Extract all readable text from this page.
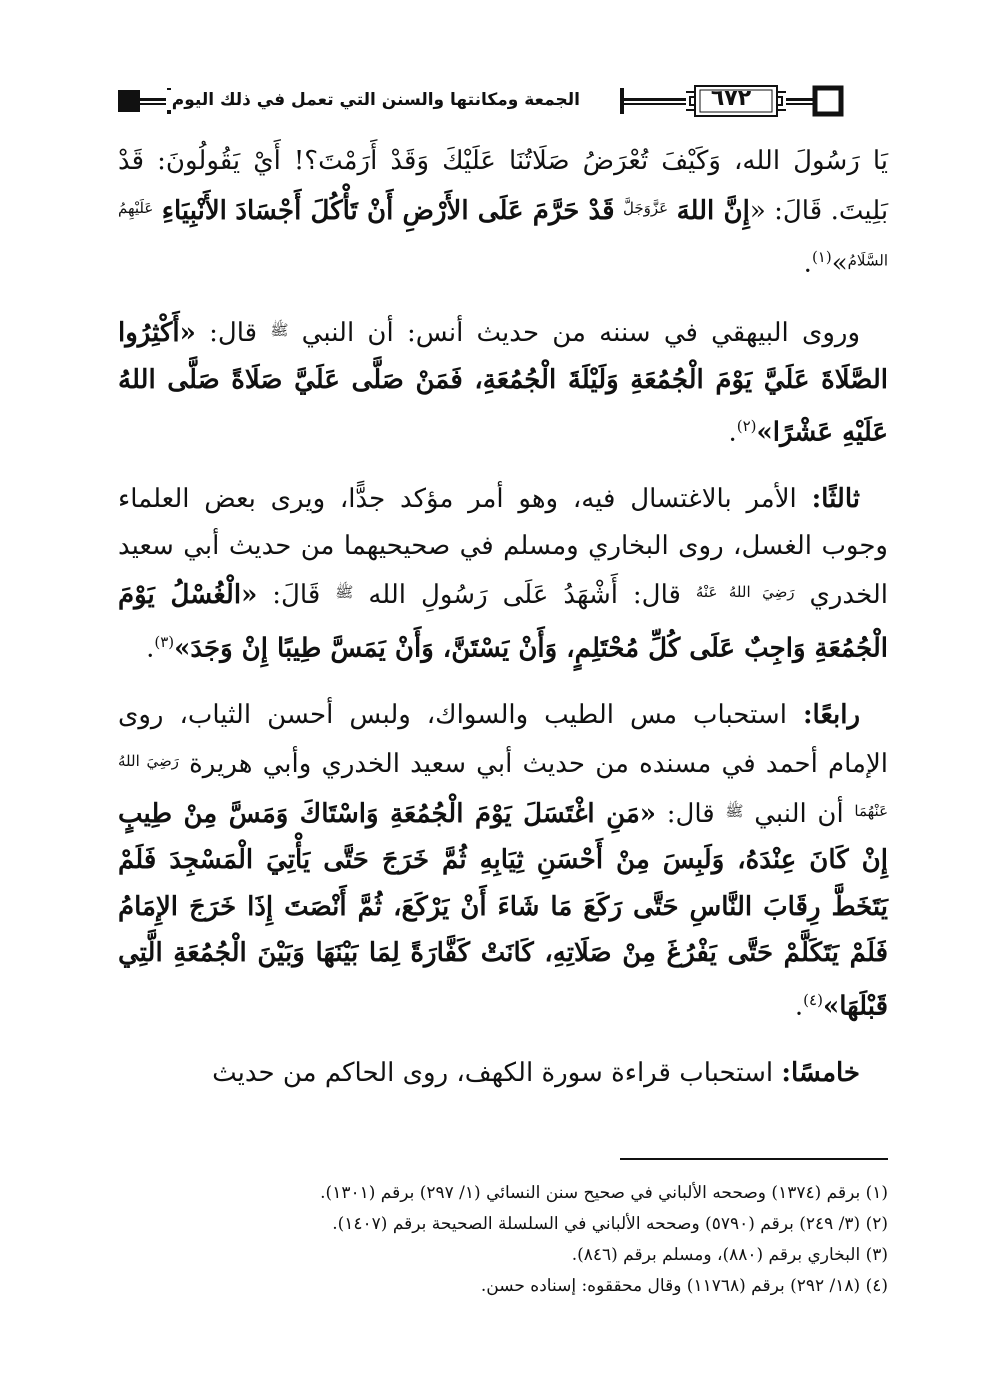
٦٧٢
الجمعة ومكانتها والسنن التي تعمل في ذلك اليوم

يَا رَسُولَ الله، وَكَيْفَ تُعْرَضُ صَلَاتُنَا عَلَيْكَ وَقَدْ أَرَمْتَ؟! أَيْ يَقُولُونَ: قَدْ بَلِيتَ. قَالَ: «إِنَّ اللهَ $^{عَزَّوَجَلَّ}$ قَدْ حَرَّمَ عَلَى الأَرْضِ أَنْ تَأْكُلَ أَجْسَادَ الأَنْبِيَاءِ $^{عَلَيْهِمُ السَّلَامُ}$»$^{(١)}$.

وروى البيهقي في سننه من حديث أنس: أن النبي $^ﷺ$ قال: «أَكْثِرُوا الصَّلَاةَ عَلَيَّ يَوْمَ الْجُمُعَةِ وَلَيْلَةَ الْجُمُعَةِ، فَمَنْ صَلَّى عَلَيَّ صَلَاةً صَلَّى اللهُ عَلَيْهِ عَشْرًا»$^{(٢)}$.

ثالثًا: الأمر بالاغتسال فيه، وهو أمر مؤكد جدًّا، ويرى بعض العلماء وجوب الغسل، روى البخاري ومسلم في صحيحيهما من حديث أبي سعيد الخدري $^{رَضِيَ اللهُ عَنْهُ}$ قال: أَشْهَدُ عَلَى رَسُولِ الله $^ﷺ$ قَالَ: «الْغُسْلُ يَوْمَ الْجُمُعَةِ وَاجِبٌ عَلَى كُلِّ مُحْتَلِمٍ، وَأَنْ يَسْتَنَّ، وَأَنْ يَمَسَّ طِيبًا إِنْ وَجَدَ»$^{(٣)}$.

رابعًا: استحباب مس الطيب والسواك، ولبس أحسن الثياب، روى الإمام أحمد في مسنده من حديث أبي سعيد الخدري وأبي هريرة $^{رَضِيَ اللهُ عَنْهُمَا}$ أن النبي $^ﷺ$ قال: «مَنِ اغْتَسَلَ يَوْمَ الْجُمُعَةِ وَاسْتَاكَ وَمَسَّ مِنْ طِيبٍ إِنْ كَانَ عِنْدَهُ، وَلَبِسَ مِنْ أَحْسَنِ ثِيَابِهِ ثُمَّ خَرَجَ حَتَّى يَأْتِيَ الْمَسْجِدَ فَلَمْ يَتَخَطَّ رِقَابَ النَّاسِ حَتَّى رَكَعَ مَا شَاءَ أَنْ يَرْكَعَ، ثُمَّ أَنْصَتَ إِذَا خَرَجَ الإِمَامُ فَلَمْ يَتَكَلَّمْ حَتَّى يَفْرُغَ مِنْ صَلَاتِهِ، كَانَتْ كَفَّارَةً لِمَا بَيْنَهَا وَبَيْنَ الْجُمُعَةِ الَّتِي قَبْلَهَا»$^{(٤)}$.

خامسًا: استحباب قراءة سورة الكهف، روى الحاكم من حديث

(١) برقم (١٣٧٤) وصححه الألباني في صحيح سنن النسائي (١/ ٢٩٧) برقم (١٣٠١).
(٢) (٣/ ٢٤٩) برقم (٥٧٩٠) وصححه الألباني في السلسلة الصحيحة برقم (١٤٠٧).
(٣) البخاري برقم (٨٨٠)، ومسلم برقم (٨٤٦).
(٤) (١٨/ ٢٩٢) برقم (١١٧٦٨) وقال محققوه: إسناده حسن.
